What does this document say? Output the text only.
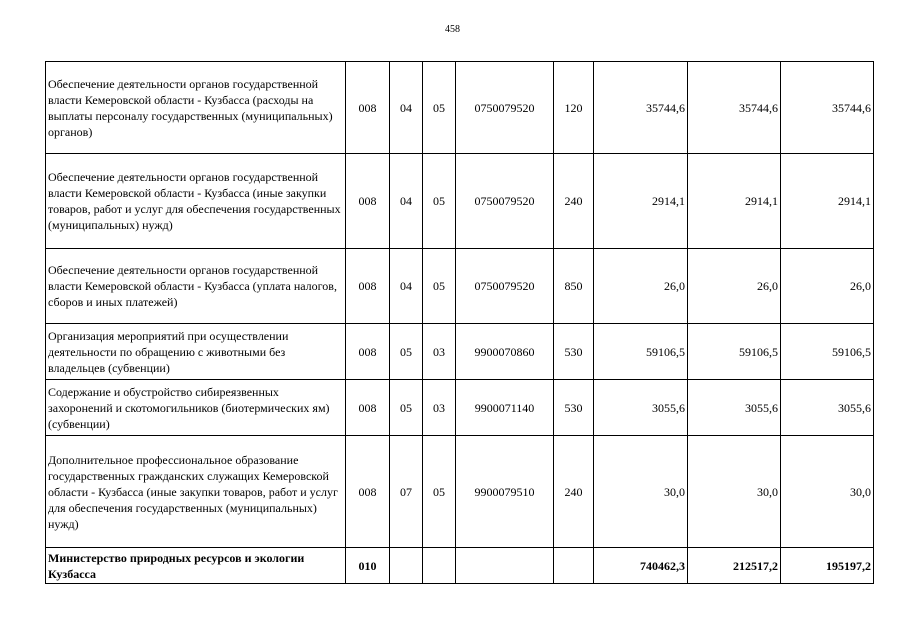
458
Обеспечение деятельности органов государственной власти Кемеровской области - Кузбасса (расходы на выплаты персоналу государственных (муниципальных) органов)	008	04	05	0750079520	120	35744,6	35744,6	35744,6
Обеспечение деятельности органов государственной власти Кемеровской области - Кузбасса (иные закупки товаров, работ и услуг для обеспечения государственных (муниципальных) нужд)	008	04	05	0750079520	240	2914,1	2914,1	2914,1
Обеспечение деятельности органов государственной власти Кемеровской области - Кузбасса (уплата налогов, сборов и иных платежей)	008	04	05	0750079520	850	26,0	26,0	26,0
Организация мероприятий при осуществлении деятельности по обращению с животными без владельцев (субвенции)	008	05	03	9900070860	530	59106,5	59106,5	59106,5
Содержание и обустройство сибиреязвенных захоронений и скотомогильников (биотермических ям) (субвенции)	008	05	03	9900071140	530	3055,6	3055,6	3055,6
Дополнительное профессиональное образование государственных гражданских служащих Кемеровской области - Кузбасса (иные закупки товаров, работ и услуг для обеспечения государственных (муниципальных) нужд)	008	07	05	9900079510	240	30,0	30,0	30,0
Министерство природных ресурсов и экологии Кузбасса	010					740462,3	212517,2	195197,2
